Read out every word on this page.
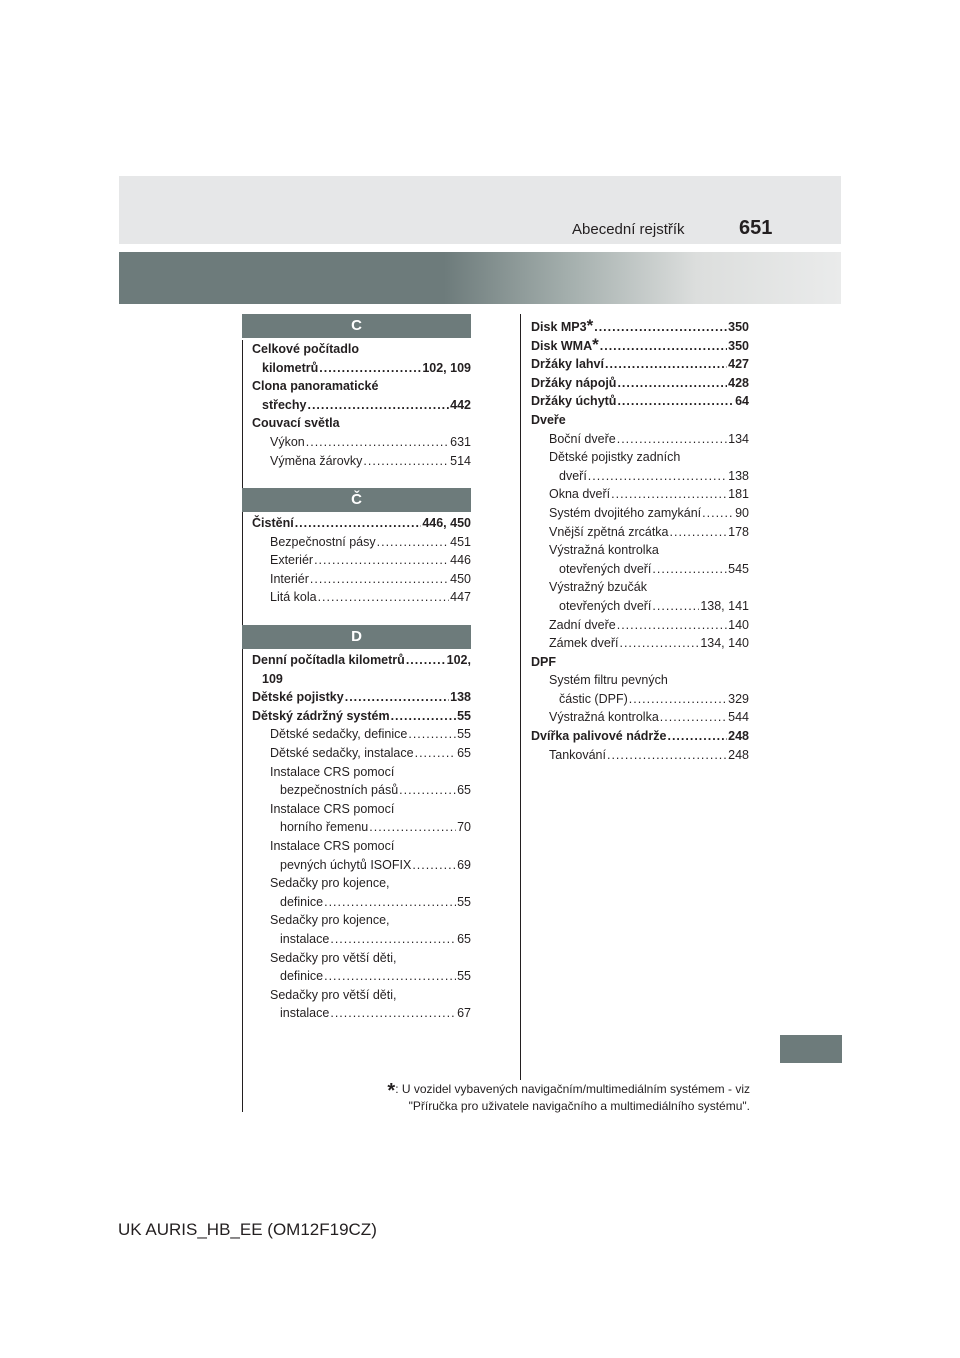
Abecední rejstřík	651
C
Celkové počítadlo
kilometrů .....	102, 109
Clona panoramatické
střechy .....	442
Couvací světla
Výkon .....	631
Výměna žárovky .....	514
Č
Čistění .....	446, 450
Bezpečnostní pásy .....	451
Exteriér .....	446
Interiér .....	450
Litá kola .....	447
D
Denní počítadla kilometrů .....	102,
109
Dětské pojistky .....	138
Dětský zádržný systém .....	55
Dětské sedačky, definice .....	55
Dětské sedačky, instalace .....	65
Instalace CRS pomocí
bezpečnostních pásů .....	65
Instalace CRS pomocí
horního řemenu .....	70
Instalace CRS pomocí
pevných úchytů ISOFIX .....	69
Sedačky pro kojence,
definice .....	55
Sedačky pro kojence,
instalace .....	65
Sedačky pro větší děti,
definice .....	55
Sedačky pro větší děti,
instalace .....	67
Disk MP3 * .....	350
Disk WMA * .....	350
Držáky lahví .....	427
Držáky nápojů .....	428
Držáky úchytů .....	64
Dveře
Boční dveře .....	134
Dětské pojistky zadních
dveří .....	138
Okna dveří .....	181
Systém dvojitého zamykání .....	90
Vnější zpětná zrcátka .....	178
Výstražná kontrolka
otevřených dveří .....	545
Výstražný bzučák
otevřených dveří .....	138, 141
Zadní dveře .....	140
Zámek dveří .....	134, 140
DPF
Systém filtru pevných
částic (DPF) .....	329
Výstražná kontrolka .....	544
Dvířka palivové nádrže .....	248
Tankování .....	248
*: U vozidel vybavených navigačním/multimediálním systémem - viz
"Příručka pro uživatele navigačního a multimediálního systému".
UK AURIS_HB_EE (OM12F19CZ)
